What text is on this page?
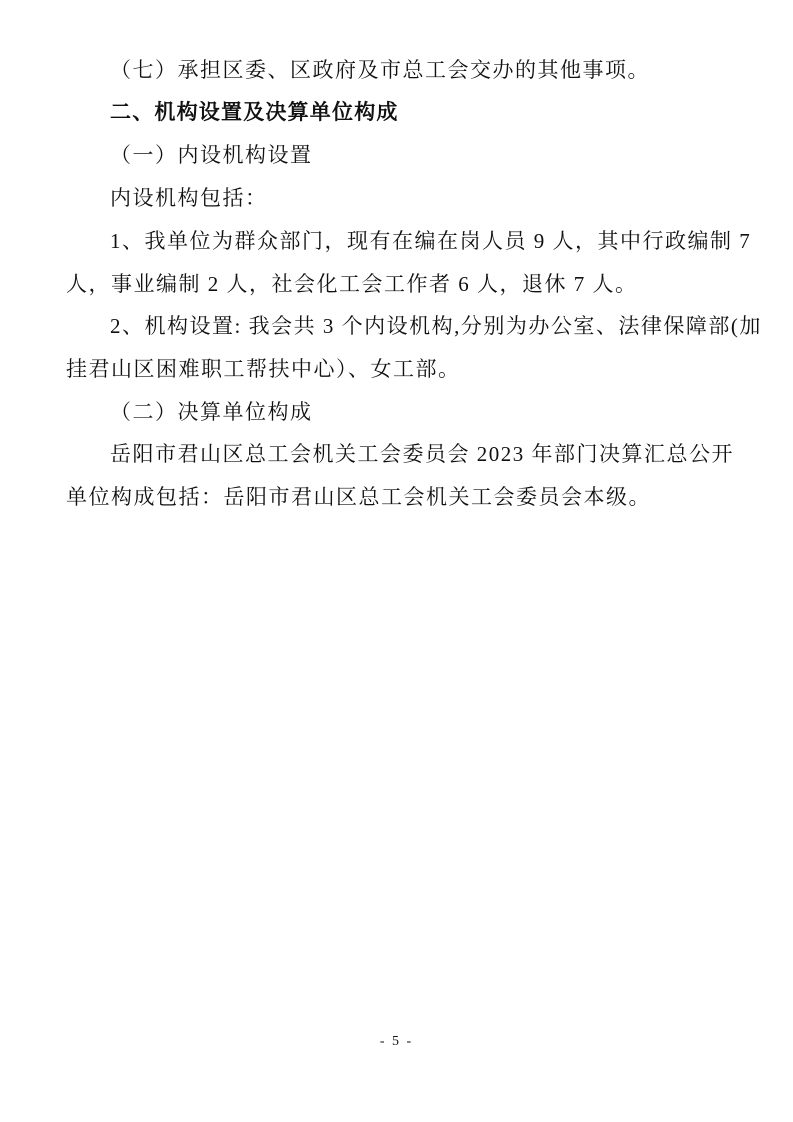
（七）承担区委、区政府及市总工会交办的其他事项。
二、机构设置及决算单位构成
（一）内设机构设置
内设机构包括：
1、我单位为群众部门，现有在编在岗人员 9 人，其中行政编制 7
人，事业编制 2 人，社会化工会工作者 6 人，退休 7 人。
2、机构设置: 我会共 3 个内设机构,分别为办公室、法律保障部(加
挂君山区困难职工帮扶中心）、女工部。
（二）决算单位构成
岳阳市君山区总工会机关工会委员会 2023 年部门决算汇总公开
单位构成包括：岳阳市君山区总工会机关工会委员会本级。
- 5 -
